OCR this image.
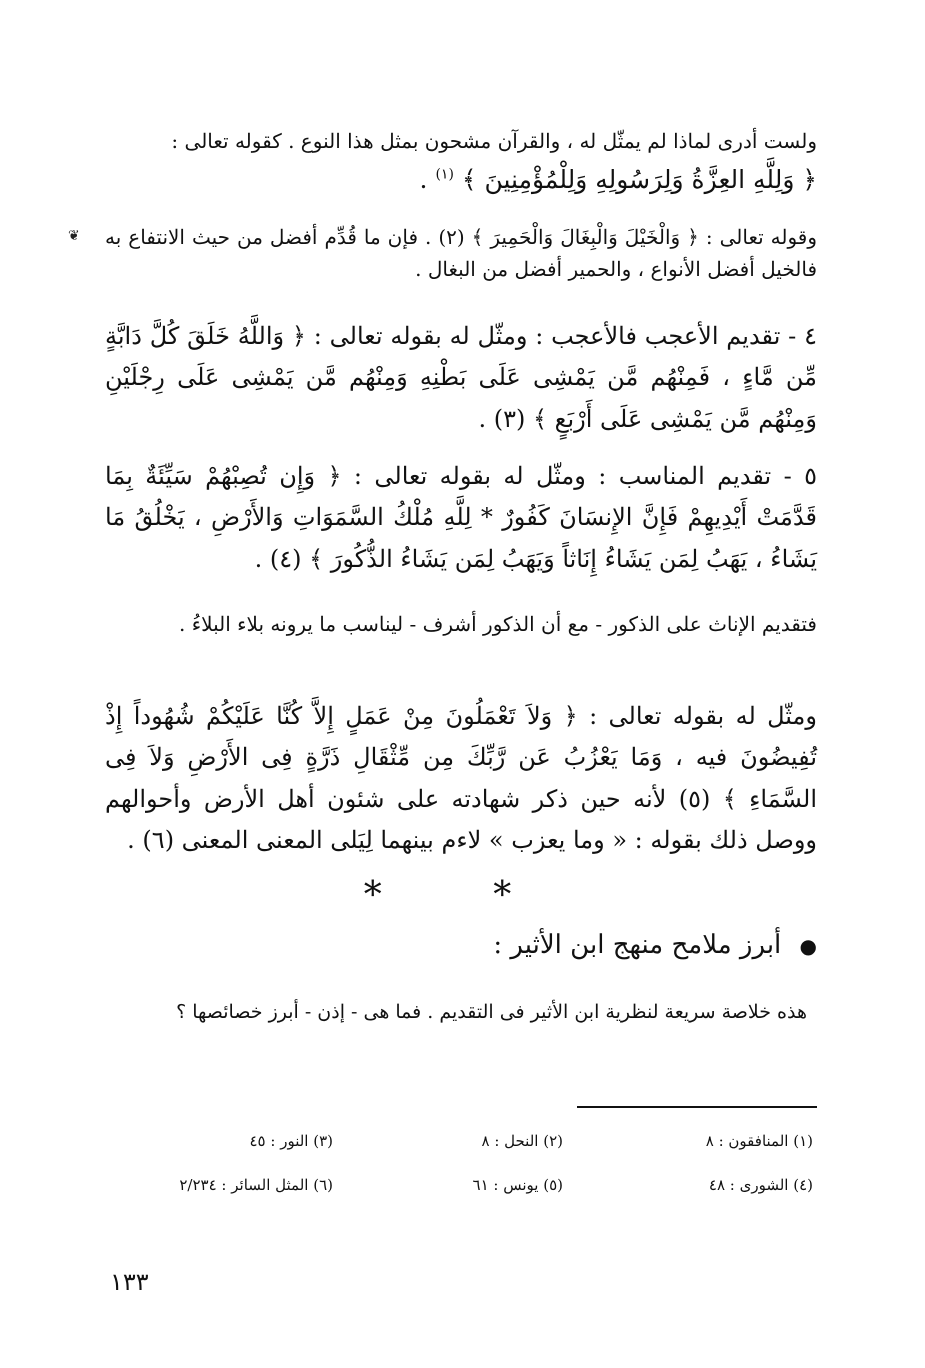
ولست أدرى لماذا لم يمثّل له ، والقرآن مشحون بمثل هذا النوع . كقوله تعالى :
﴿ وَلِلَّهِ العِزَّةُ وَلِرَسُولِهِ وَلِلْمُؤْمِنِينَ ﴾ $^{(١)}$ .
❦ وقوله تعالى : ﴿ وَالْخَيْلَ وَالْبِغَالَ وَالْحَمِيرَ ﴾ (٢) . فإن ما قُدِّم أفضل من حيث الانتفاع به فالخيل أفضل الأنواع ، والحمير أفضل من البغال .
٤ - تقديم الأعجب فالأعجب : ومثّل له بقوله تعالى : ﴿ وَاللَّهُ خَلَقَ كُلَّ دَابَّةٍ مِّن مَّاءٍ ، فَمِنْهُم مَّن يَمْشِى عَلَى بَطْنِهِ وَمِنْهُم مَّن يَمْشِى عَلَى رِجْلَيْنِ وَمِنْهُم مَّن يَمْشِى عَلَى أَرْبَعٍ ﴾ (٣) .
٥ - تقديم المناسب : ومثّل له بقوله تعالى : ﴿ وَإِن تُصِبْهُمْ سَيِّئَةٌ بِمَا قَدَّمَتْ أَيْدِيهِمْ فَإِنَّ الإِنسَانَ كَفُورٌ * لِلَّهِ مُلْكُ السَّمَوَاتِ وَالأَرْضِ ، يَخْلُقُ مَا يَشَاءُ ، يَهَبُ لِمَن يَشَاءُ إِنَاثاً وَيَهَبُ لِمَن يَشَاءُ الذُّكُورَ ﴾ (٤) .
فتقديم الإناث على الذكور - مع أن الذكور أشرف - ليناسب ما يرونه بلاء البلاءُ .
ومثّل له بقوله تعالى : ﴿ وَلاَ تَعْمَلُونَ مِنْ عَمَلٍ إِلاَّ كُنَّا عَلَيْكُمْ شُهُوداً إِذْ تُفِيضُونَ فيه ، وَمَا يَعْزُبُ عَن رَّبِّكَ مِن مِّثْقَالِ ذَرَّةٍ فِى الأَرْضِ وَلاَ فِى السَّمَاءِ ﴾ (٥) لأنه حين ذكر شهادته على شئون أهل الأرض وأحوالهم ووصل ذلك بقوله : « وما يعزب » لاءم بينهما لِيَلى المعنى المعنى (٦) .
* *
● أبرز ملامح منهج ابن الأثير :
هذه خلاصة سريعة لنظرية ابن الأثير فى التقديم . فما هى - إذن - أبرز خصائصها ؟
(١) المنافقون : ٨
(٢) النحل : ٨
(٣) النور : ٤٥
(٤) الشورى : ٤٨
(٥) يونس : ٦١
(٦) المثل السائر : ٢/٢٣٤
١٣٣
